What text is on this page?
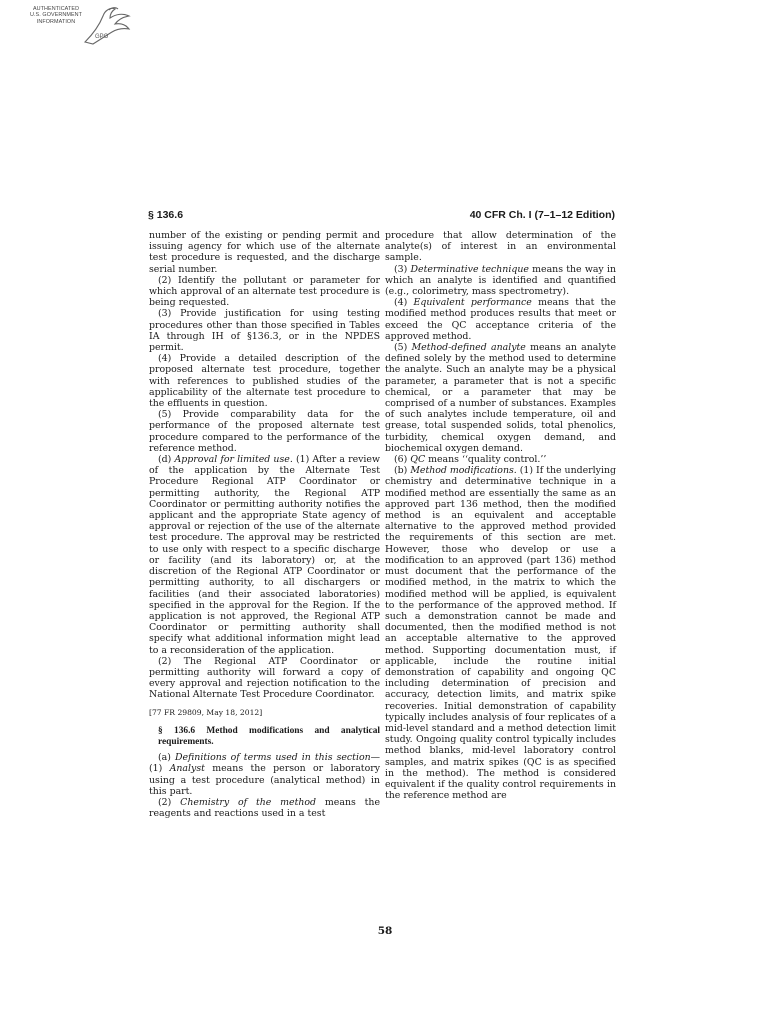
AUTHENTICATED
U.S. GOVERNMENT
INFORMATION
GPO
§ 136.6	40 CFR Ch. I (7–1–12 Edition)

number of the existing or pending permit and issuing agency for which use of the alternate test procedure is requested, and the discharge serial number.

(2) Identify the pollutant or parameter for which approval of an alternate test procedure is being requested.

(3) Provide justification for using testing procedures other than those specified in Tables IA through IH of §136.3, or in the NPDES permit.

(4) Provide a detailed description of the proposed alternate test procedure, together with references to published studies of the applicability of the alternate test procedure to the effluents in question.

(5) Provide comparability data for the performance of the proposed alternate test procedure compared to the performance of the reference method.

(d) Approval for limited use. (1) After a review of the application by the Alternate Test Procedure Regional ATP Coordinator or permitting authority, the Regional ATP Coordinator or permitting authority notifies the applicant and the appropriate State agency of approval or rejection of the use of the alternate test procedure. The approval may be restricted to use only with respect to a specific discharge or facility (and its laboratory) or, at the discretion of the Regional ATP Coordinator or permitting authority, to all dischargers or facilities (and their associated laboratories) specified in the approval for the Region. If the application is not approved, the Regional ATP Coordinator or permitting authority shall specify what additional information might lead to a reconsideration of the application.

(2) The Regional ATP Coordinator or permitting authority will forward a copy of every approval and rejection notification to the National Alternate Test Procedure Coordinator.

[77 FR 29809, May 18, 2012]

§ 136.6 Method modifications and analytical requirements.

(a) Definitions of terms used in this section—(1) Analyst means the person or laboratory using a test procedure (analytical method) in this part.

(2) Chemistry of the method means the reagents and reactions used in a test

procedure that allow determination of the analyte(s) of interest in an environmental sample.

(3) Determinative technique means the way in which an analyte is identified and quantified (e.g., colorimetry, mass spectrometry).

(4) Equivalent performance means that the modified method produces results that meet or exceed the QC acceptance criteria of the approved method.

(5) Method-defined analyte means an analyte defined solely by the method used to determine the analyte. Such an analyte may be a physical parameter, a parameter that is not a specific chemical, or a parameter that may be comprised of a number of substances. Examples of such analytes include temperature, oil and grease, total suspended solids, total phenolics, turbidity, chemical oxygen demand, and biochemical oxygen demand.

(6) QC means ‘‘quality control.’’

(b) Method modifications. (1) If the underlying chemistry and determinative technique in a modified method are essentially the same as an approved part 136 method, then the modified method is an equivalent and acceptable alternative to the approved method provided the requirements of this section are met. However, those who develop or use a modification to an approved (part 136) method must document that the performance of the modified method, in the matrix to which the modified method will be applied, is equivalent to the performance of the approved method. If such a demonstration cannot be made and documented, then the modified method is not an acceptable alternative to the approved method. Supporting documentation must, if applicable, include the routine initial demonstration of capability and ongoing QC including determination of precision and accuracy, detection limits, and matrix spike recoveries. Initial demonstration of capability typically includes analysis of four replicates of a mid-level standard and a method detection limit study. Ongoing quality control typically includes method blanks, mid-level laboratory control samples, and matrix spikes (QC is as specified in the method). The method is considered equivalent if the quality control requirements in the reference method are

58
